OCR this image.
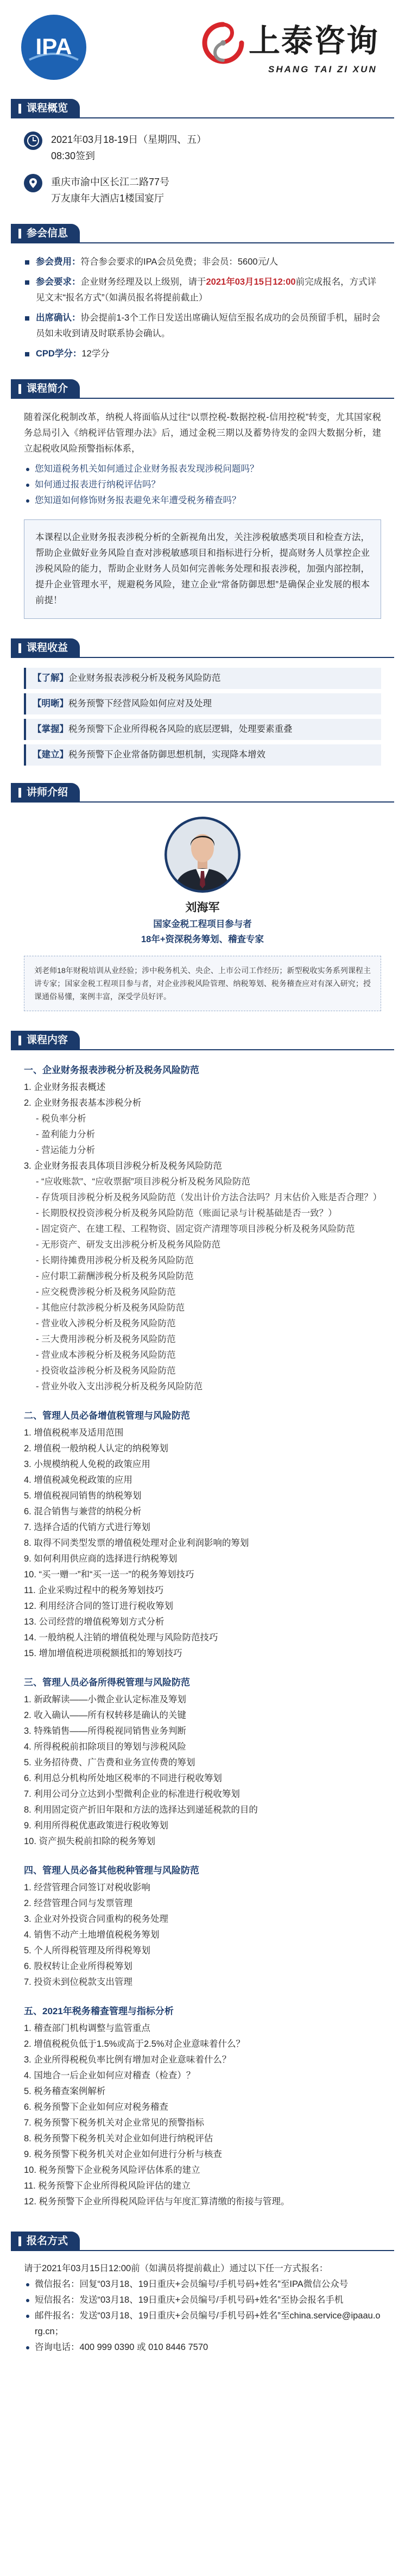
IPA	上泰咨询
SHANG TAI ZI XUN
课程概览
2021年03月18-19日（星期四、五）
08:30签到
重庆市渝中区长江二路77号
万友康年大酒店1楼国宴厅
参会信息
参会费用：符合参会要求的IPA会员免费；非会员：5600元/人
参会要求：企业财务经理及以上级别，请于2021年03月15日12:00前完成报名，方式详见文末“报名方式”（如满员报名将提前截止）
出席确认：协会提前1-3个工作日发送出席确认短信至报名成功的会员预留手机，届时会员如未收到请及时联系协会确认。
CPD学分：12学分
课程简介

随着深化税制改革，纳税人将面临从过往“以票控税-数据控税-信用控税”转变，尤其国家税务总局引入《纳税评估管理办法》后，通过金税三期以及蓄势待发的金四大数据分析，建立起税收风险预警指标体系，

您知道税务机关如何通过企业财务报表发现涉税问题吗？
如何通过报表进行纳税评估吗？
您知道如何修饰财务报表避免来年遭受税务稽查吗？
本课程以企业财务报表涉税分析的全新视角出发，关注涉税敏感类项目和检查方法，帮助企业做好业务风险自查对涉税敏感项目和指标进行分析，提高财务人员掌控企业涉税风险的能力，帮助企业财务人员如何完善帐务处理和报表涉税，加强内部控制，提升企业管理水平，规避税务风险，建立企业“常备防御思想”是确保企业发展的根本前提！
课程收益
【了解】企业财务报表涉税分析及税务风险防范
【明晰】税务预警下经营风险如何应对及处理
【掌握】税务预警下企业所得税各风险的底层逻辑，处理要素重叠
【建立】税务预警下企业常备防御思想机制，实现降本增效
讲师介绍
刘海军
国家金税工程项目参与者
18年+资深税务筹划、稽查专家
刘老师18年财税培训从业经验；涉中税务机关、央企、上市公司工作经历；新型税收实务系列课程主讲专家；国家金税工程项目参与者，对企业涉税风险管理、纳税筹划、税务稽查应对有深入研究；授课通俗易懂，案例丰富，深受学员好评。
课程内容
一、企业财务报表涉税分析及税务风险防范
1. 企业财务报表概述
2. 企业财务报表基本涉税分析
- 税负率分析
- 盈利能力分析
- 营运能力分析
3. 企业财务报表具体项目涉税分析及税务风险防范
- “应收账款”、“应收票据”项目涉税分析及税务风险防范
- 存货项目涉税分析及税务风险防范（发出计价方法合法吗？月末估价入账是否合理？）
- 长期股权投资涉税分析及税务风险防范（账面记录与计税基础是否一致？）
- 固定资产、在建工程、工程物资、固定资产清理等项目涉税分析及税务风险防范
- 无形资产、研发支出涉税分析及税务风险防范
- 长期待摊费用涉税分析及税务风险防范
- 应付职工薪酬涉税分析及税务风险防范
- 应交税费涉税分析及税务风险防范
- 其他应付款涉税分析及税务风险防范
- 营业收入涉税分析及税务风险防范
- 三大费用涉税分析及税务风险防范
- 营业成本涉税分析及税务风险防范
- 投资收益涉税分析及税务风险防范
- 营业外收入支出涉税分析及税务风险防范
二、管理人员必备增值税管理与风险防范
1. 增值税税率及适用范围
2. 增值税一般纳税人认定的纳税筹划
3. 小规模纳税人免税的政策应用
4. 增值税减免税政策的应用
5. 增值税视同销售的纳税筹划
6. 混合销售与兼营的纳税分析
7. 选择合适的代销方式进行筹划
8. 取得不同类型发票的增值税处理对企业利润影响的筹划
9. 如何利用供应商的选择进行纳税筹划
10. “买一赠一”和“买一送一”的税务筹划技巧
11. 企业采购过程中的税务筹划技巧
12. 利用经济合同的签订进行税收筹划
13. 公司经营的增值税筹划方式分析
14. 一般纳税人注销的增值税处理与风险防范技巧
15. 增加增值税进项税额抵扣的筹划技巧
三、管理人员必备所得税管理与风险防范
1. 新政解读——小微企业认定标准及筹划
2. 收入确认——所有权转移是确认的关键
3. 特殊销售——所得税视同销售业务判断
4. 所得税税前扣除项目的筹划与涉税风险
5. 业务招待费、广告费和业务宣传费的筹划
6. 利用总分机构所处地区税率的不同进行税收筹划
7. 利用公司分立达到小型微利企业的标准进行税收筹划
8. 利用固定资产折旧年限和方法的选择达到递延税款的目的
9. 利用所得税优惠政策进行税收筹划
10. 资产损失税前扣除的税务筹划
四、管理人员必备其他税种管理与风险防范
1. 经营管理合同签订对税收影响
2. 经营管理合同与发票管理
3. 企业对外投资合同重构的税务处理
4. 销售不动产土地增值税税务筹划
5. 个人所得税管理及所得税筹划
6. 股权转让企业所得税筹划
7. 投资未到位税款支出管理
五、2021年税务稽查管理与指标分析
1. 稽查部门机构调整与监管重点
2. 增值税税负低于1.5%或高于2.5%对企业意味着什么？
3. 企业所得税税负率比例有增加对企业意味着什么？
4. 国地合一后企业如何应对稽查（检查）？
5. 税务稽查案例解析
6. 税务预警下企业如何应对税务稽查
7. 税务预警下税务机关对企业常见的预警指标
8. 税务预警下税务机关对企业如何进行纳税评估
9. 税务预警下税务机关对企业如何进行分析与核查
10. 税务预警下企业税务风险评估体系的建立
11. 税务预警下企业所得税风险评估的建立
12. 税务预警下企业所得税风险评估与年度汇算清缴的衔接与管理。
报名方式
请于2021年03月15日12:00前（如满员将提前截止）通过以下任一方式报名：
微信报名：回复“03月18、19日重庆+会员编号/手机号码+姓名”至IPA微信公众号
短信报名：发送“03月18、19日重庆+会员编号/手机号码+姓名”至协会报名手机
邮件报名：发送“03月18、19日重庆+会员编号/手机号码+姓名”至china.service@ipaau.org.cn；
咨询电话：400 999 0390 或 010 8446 7570
